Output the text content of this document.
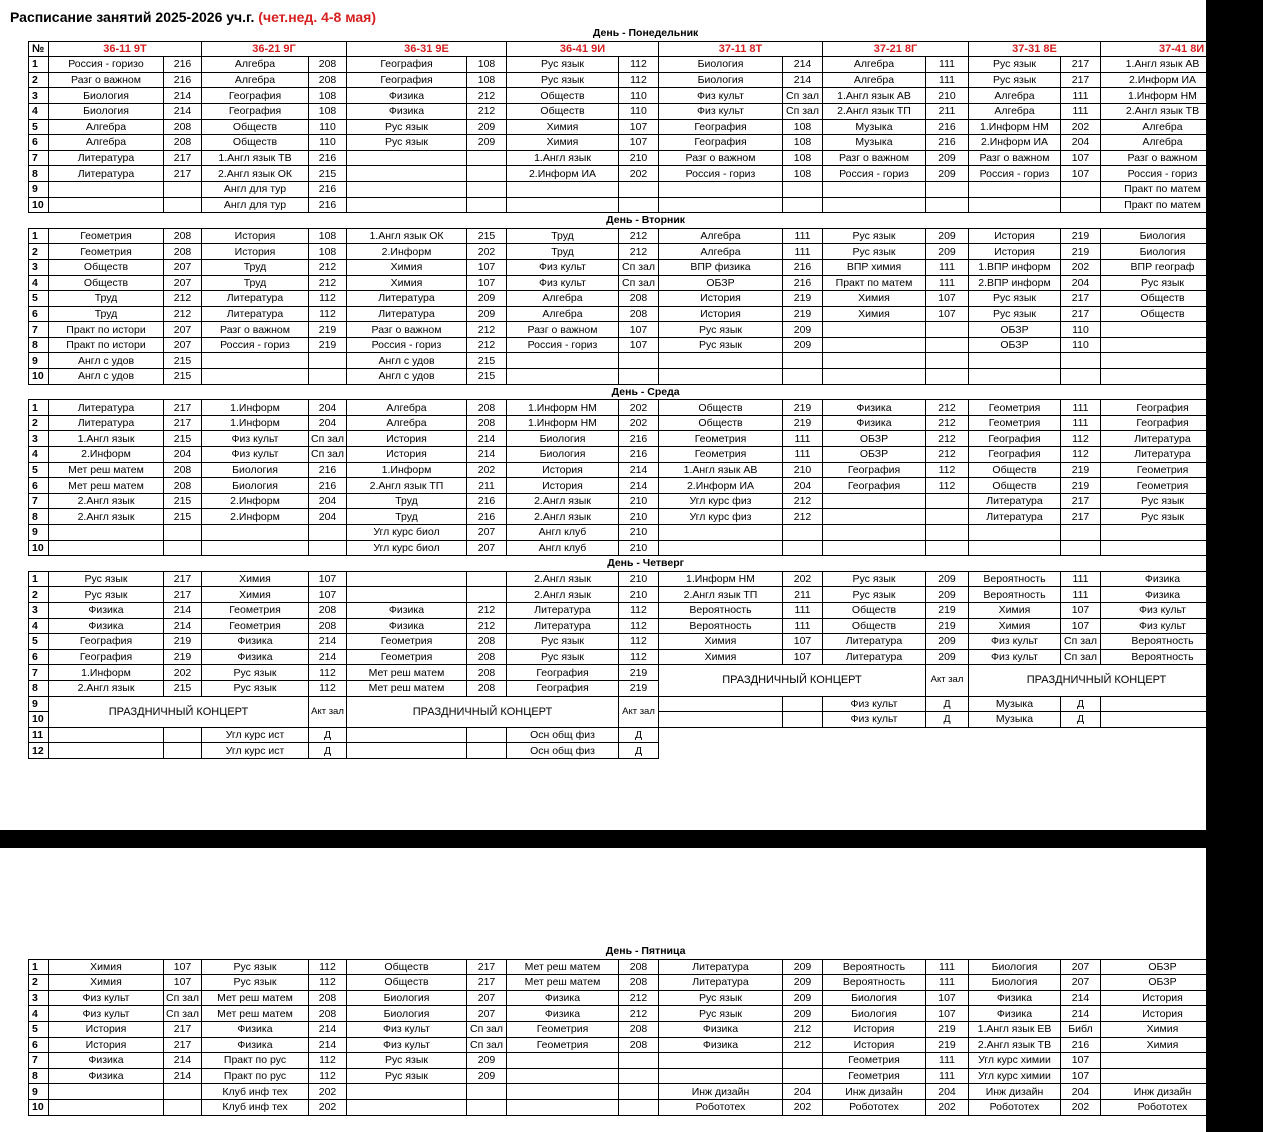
Расписание занятий 2025-2026 уч.г. (чет.нед. 4-8 мая)
День - Понедельник																
№	36-11 9Т		36-21 9Г		36-31 9Е		36-41 9И		37-11 8Т		37-21 8Г		37-31 8Е		37-41 8И	
1	Россия - горизо	216	Алгебра	208	География	108	Рус язык	112	Биология	214	Алгебра	111	Рус язык	217	1.Англ язык АВ	210
2	Разг о важном	216	Алгебра	208	География	108	Рус язык	112	Биология	214	Алгебра	111	Рус язык	217	2.Информ ИА	202
3	Биология	214	География	108	Физика	212	Обществ	110	Физ культ	Сп зал	1.Англ язык АВ	210	Алгебра	111	1.Информ НМ	202
4	Биология	214	География	108	Физика	212	Обществ	110	Физ культ	Сп зал	2.Англ язык ТП	211	Алгебра	111	2.Англ язык ТВ	216
5	Алгебра	208	Обществ	110	Рус язык	209	Химия	107	География	108	Музыка	216	1.Информ НМ	202	Алгебра	111
6	Алгебра	208	Обществ	110	Рус язык	209	Химия	107	География	108	Музыка	216	2.Информ ИА	204	Алгебра	111
7	Литература	217	1.Англ язык ТВ	216			1.Англ язык	210	Разг о важном	108	Разг о важном	209	Разг о важном	107	Разг о важном	110
8	Литература	217	2.Англ язык ОК	215			2.Информ ИА	202	Россия - гориз	108	Россия - гориз	209	Россия - гориз	107	Россия - гориз	110
9			Англ для тур	216											Практ по матем	111
10			Англ для тур	216											Практ по матем	111
День - Вторник																
1	Геометрия	208	История	108	1.Англ язык ОК	215	Труд	212	Алгебра	111	Рус язык	209	История	219	Биология	107
2	Геометрия	208	История	108	2.Информ	202	Труд	212	Алгебра	111	Рус язык	209	История	219	Биология	107
3	Обществ	207	Труд	212	Химия	107	Физ культ	Сп зал	ВПР физика	216	ВПР химия	111	1.ВПР информ	202	ВПР географ	209
4	Обществ	207	Труд	212	Химия	107	Физ культ	Сп зал	ОБЗР	216	Практ по матем	111	2.ВПР информ	204	Рус язык	209
5	Труд	212	Литература	112	Литература	209	Алгебра	208	История	219	Химия	107	Рус язык	217	Обществ	207
6	Труд	212	Литература	112	Литература	209	Алгебра	208	История	219	Химия	107	Рус язык	217	Обществ	207
7	Практ по истори	207	Разг о важном	219	Разг о важном	212	Разг о важном	107	Рус язык	209			ОБЗР	110		
8	Практ по истори	207	Россия - гориз	219	Россия - гориз	212	Россия - гориз	107	Рус язык	209			ОБЗР	110		
9	Англ с удов	215			Англ с удов	215										
10	Англ с удов	215			Англ с удов	215										
День - Среда																
1	Литература	217	1.Информ	204	Алгебра	208	1.Информ НМ	202	Обществ	219	Физика	212	Геометрия	111	География	112
2	Литература	217	1.Информ	204	Алгебра	208	1.Информ НМ	202	Обществ	219	Физика	212	Геометрия	111	География	112
3	1.Англ язык	215	Физ культ	Сп зал	История	214	Биология	216	Геометрия	111	ОБЗР	212	География	112	Литература	209
4	2.Информ	204	Физ культ	Сп зал	История	214	Биология	216	Геометрия	111	ОБЗР	212	География	112	Литература	209
5	Мет реш матем	208	Биология	216	1.Информ	202	История	214	1.Англ язык АВ	210	География	112	Обществ	219	Геометрия	111
6	Мет реш матем	208	Биология	216	2.Англ язык ТП	211	История	214	2.Информ ИА	204	География	112	Обществ	219	Геометрия	111
7	2.Англ язык	215	2.Информ	204	Труд	216	2.Англ язык	210	Угл курс физ	212			Литература	217	Рус язык	209
8	2.Англ язык	215	2.Информ	204	Труд	216	2.Англ язык	210	Угл курс физ	212			Литература	217	Рус язык	209
9					Угл курс биол	207	Англ клуб	210								
10					Угл курс биол	207	Англ клуб	210								
День - Четверг																
1	Рус язык	217	Химия	107			2.Англ язык	210	1.Информ НМ	202	Рус язык	209	Вероятность	111	Физика	214
2	Рус язык	217	Химия	107			2.Англ язык	210	2.Англ язык ТП	211	Рус язык	209	Вероятность	111	Физика	214
3	Физика	214	Геометрия	208	Физика	212	Литература	112	Вероятность	111	Обществ	219	Химия	107	Физ культ	Сп зал
4	Физика	214	Геометрия	208	Физика	212	Литература	112	Вероятность	111	Обществ	219	Химия	107	Физ культ	Сп зал
5	География	219	Физика	214	Геометрия	208	Рус язык	112	Химия	107	Литература	209	Физ культ	Сп зал	Вероятность	111
6	География	219	Физика	214	Геометрия	208	Рус язык	112	Химия	107	Литература	209	Физ культ	Сп зал	Вероятность	111
7	1.Информ	202	Рус язык	112	Мет реш матем	208	География	219	ПРАЗДНИЧНЫЙ КОНЦЕРТ			Акт зал	ПРАЗДНИЧНЫЙ КОНЦЕРТ			Акт зал
8	2.Англ язык	215	Рус язык	112	Мет реш матем	208	География	219								
9	ПРАЗДНИЧНЫЙ КОНЦЕРТ			Акт зал	ПРАЗДНИЧНЫЙ КОНЦЕРТ			Акт зал			Физ культ	Д	Музыка	Д		
10											Физ культ	Д	Музыка	Д		
11			Угл курс ист	Д			Осн общ физ	Д								
12			Угл курс ист	Д			Осн общ физ	Д								
День - Пятница																
1	Химия	107	Рус язык	112	Обществ	217	Мет реш матем	208	Литература	209	Вероятность	111	Биология	207	ОБЗР	110
2	Химия	107	Рус язык	112	Обществ	217	Мет реш матем	208	Литература	209	Вероятность	111	Биология	207	ОБЗР	110
3	Физ культ	Сп зал	Мет реш матем	208	Биология	207	Физика	212	Рус язык	209	Биология	107	Физика	214	История	217
4	Физ культ	Сп зал	Мет реш матем	208	Биология	207	Физика	212	Рус язык	209	Биология	107	Физика	214	История	217
5	История	217	Физика	214	Физ культ	Сп зал	Геометрия	208	Физика	212	История	219	1.Англ язык ЕВ	Библ	Химия	107
6	История	217	Физика	214	Физ культ	Сп зал	Геометрия	208	Физика	212	История	219	2.Англ язык ТВ	216	Химия	107
7	Физика	214	Практ по рус	112	Рус язык	209					Геометрия	111	Угл курс химии	107		
8	Физика	214	Практ по рус	112	Рус язык	209					Геометрия	111	Угл курс химии	107		
9			Клуб инф тех	202					Инж дизайн	204	Инж дизайн	204	Инж дизайн	204	Инж дизайн	204
10			Клуб инф тех	202					Робототех	202	Робототех	202	Робототех	202	Робототех	202
